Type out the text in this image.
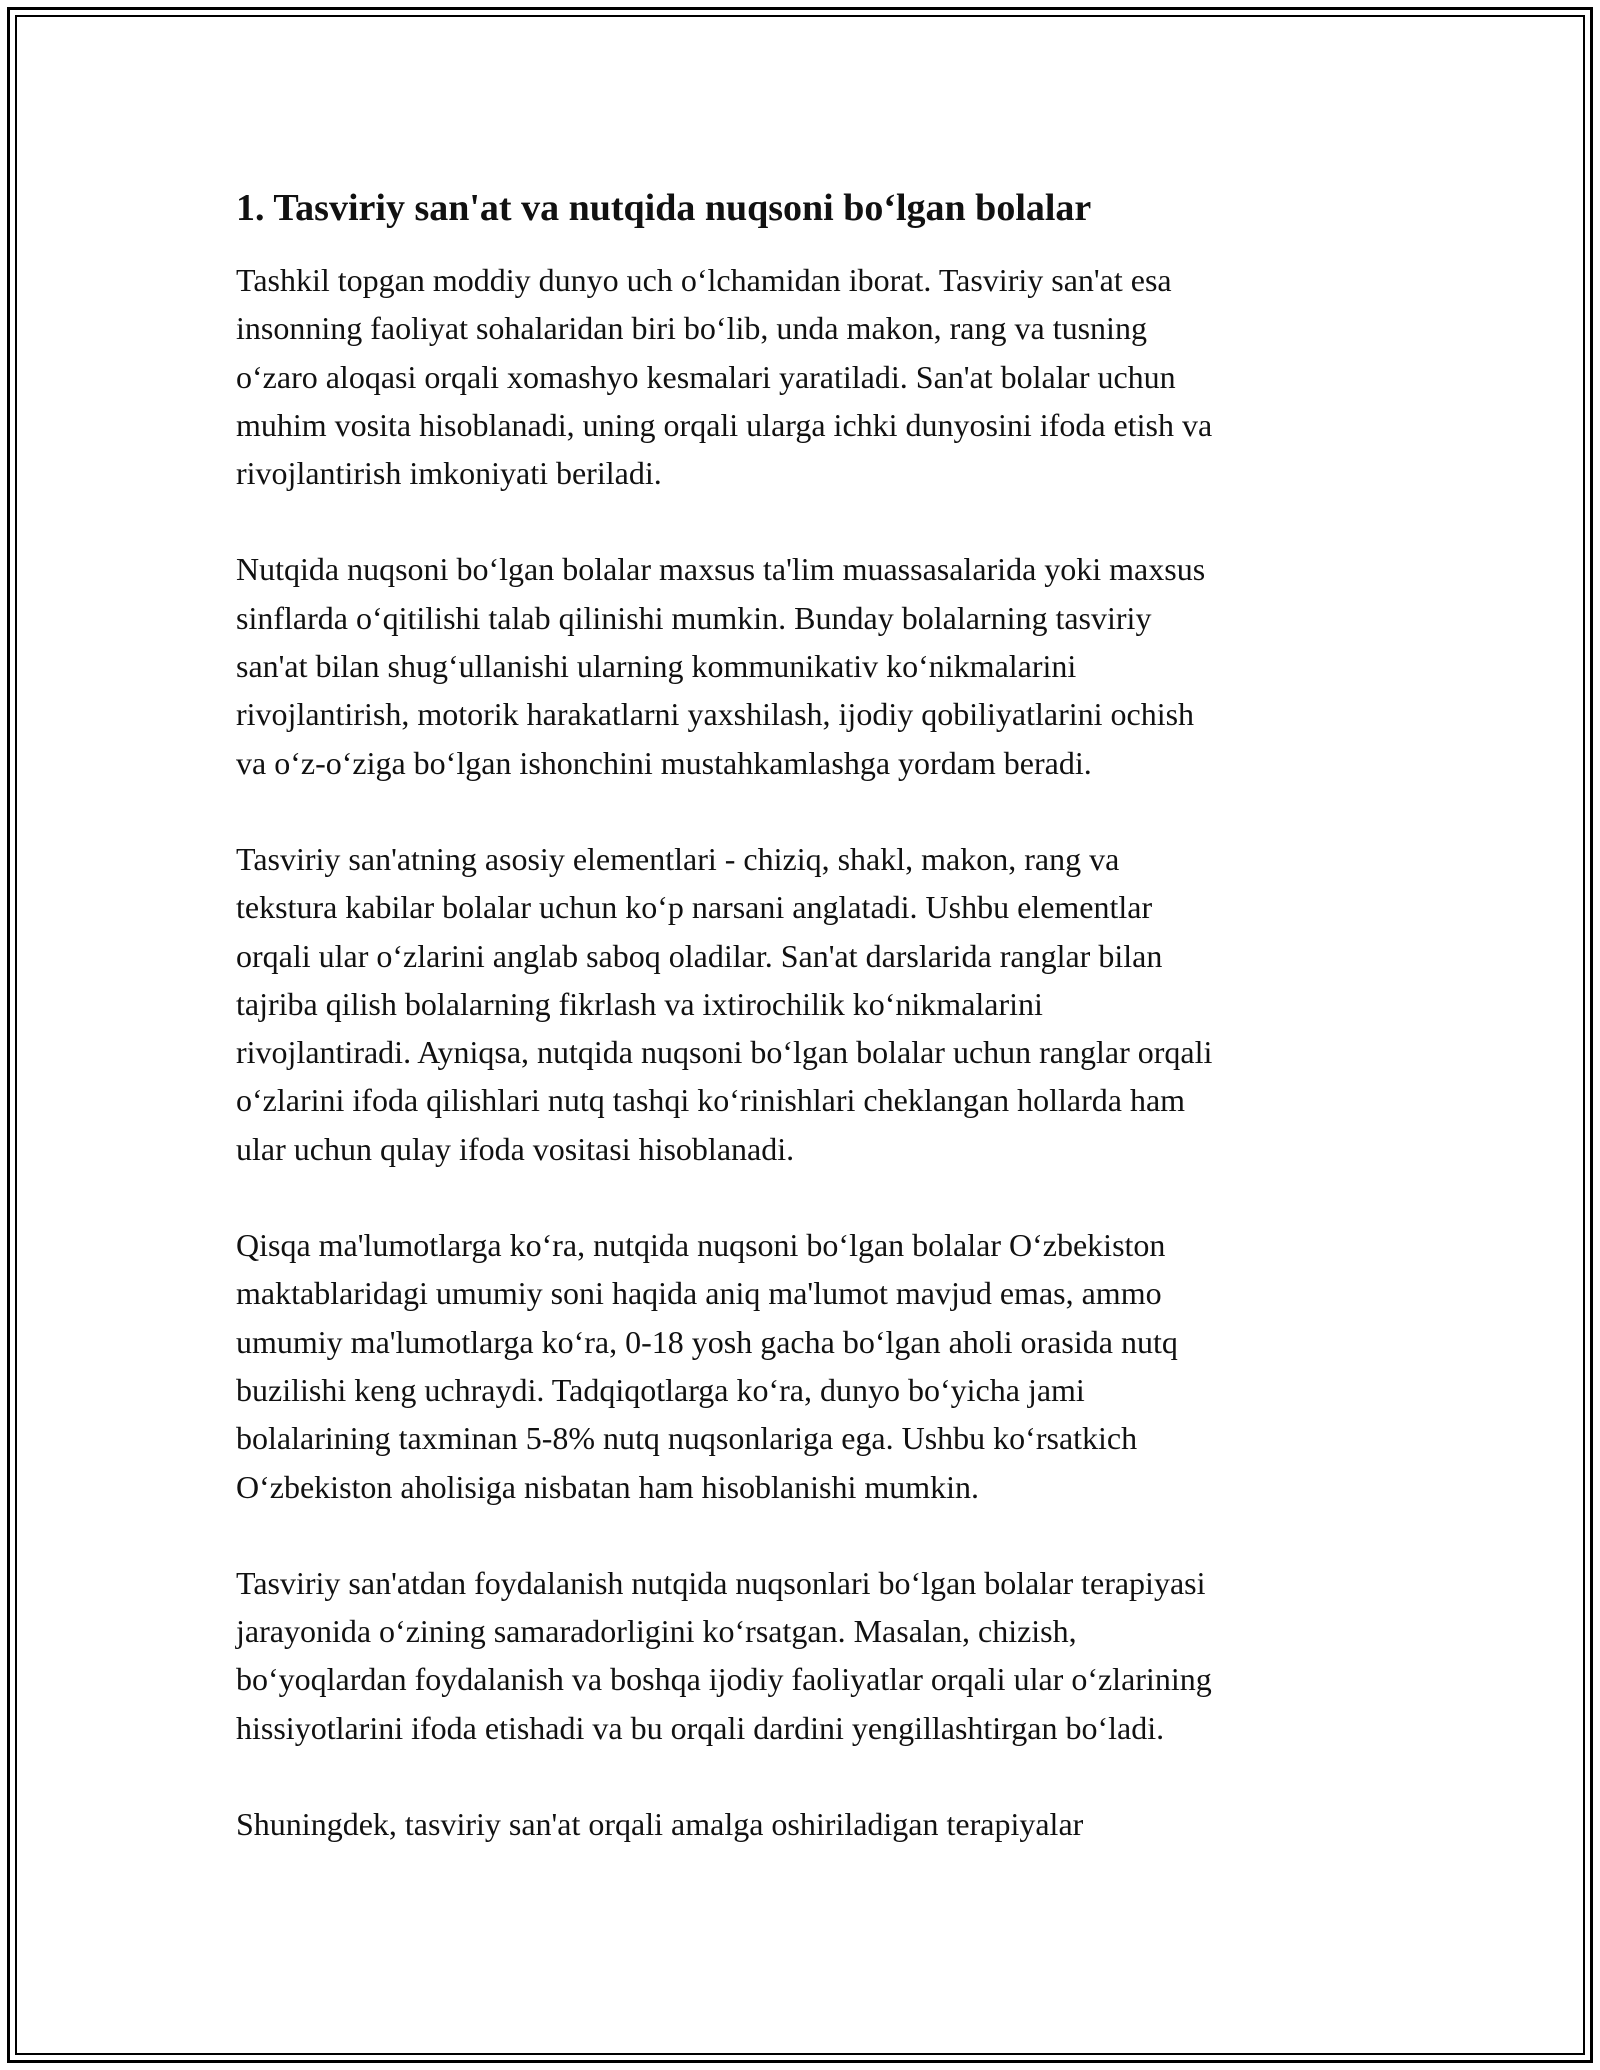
1. Tasviriy san'at va nutqida nuqsoni bo‘lgan bolalar
Tashkil topgan moddiy dunyo uch o‘lchamidan iborat. Tasviriy san'at esa
insonning faoliyat sohalaridan biri bo‘lib, unda makon, rang va tusning
o‘zaro aloqasi orqali xomashyo kesmalari yaratiladi. San'at bolalar uchun
muhim vosita hisoblanadi, uning orqali ularga ichki dunyosini ifoda etish va
rivojlantirish imkoniyati beriladi.
Nutqida nuqsoni bo‘lgan bolalar maxsus ta'lim muassasalarida yoki maxsus
sinflarda o‘qitilishi talab qilinishi mumkin. Bunday bolalarning tasviriy
san'at bilan shug‘ullanishi ularning kommunikativ ko‘nikmalarini
rivojlantirish, motorik harakatlarni yaxshilash, ijodiy qobiliyatlarini ochish
va o‘z-o‘ziga bo‘lgan ishonchini mustahkamlashga yordam beradi.
Tasviriy san'atning asosiy elementlari - chiziq, shakl, makon, rang va
tekstura kabilar bolalar uchun ko‘p narsani anglatadi. Ushbu elementlar
orqali ular o‘zlarini anglab saboq oladilar. San'at darslarida ranglar bilan
tajriba qilish bolalarning fikrlash va ixtirochilik ko‘nikmalarini
rivojlantiradi. Ayniqsa, nutqida nuqsoni bo‘lgan bolalar uchun ranglar orqali
o‘zlarini ifoda qilishlari nutq tashqi ko‘rinishlari cheklangan hollarda ham
ular uchun qulay ifoda vositasi hisoblanadi.
Qisqa ma'lumotlarga ko‘ra, nutqida nuqsoni bo‘lgan bolalar O‘zbekiston
maktablaridagi umumiy soni haqida aniq ma'lumot mavjud emas, ammo
umumiy ma'lumotlarga ko‘ra, 0-18 yosh gacha bo‘lgan aholi orasida nutq
buzilishi keng uchraydi. Tadqiqotlarga ko‘ra, dunyo bo‘yicha jami
bolalarining taxminan 5-8% nutq nuqsonlariga ega. Ushbu ko‘rsatkich
O‘zbekiston aholisiga nisbatan ham hisoblanishi mumkin.
Tasviriy san'atdan foydalanish nutqida nuqsonlari bo‘lgan bolalar terapiyasi
jarayonida o‘zining samaradorligini ko‘rsatgan. Masalan, chizish,
bo‘yoqlardan foydalanish va boshqa ijodiy faoliyatlar orqali ular o‘zlarining
hissiyotlarini ifoda etishadi va bu orqali dardini yengillashtirgan bo‘ladi.
Shuningdek, tasviriy san'at orqali amalga oshiriladigan terapiyalar
